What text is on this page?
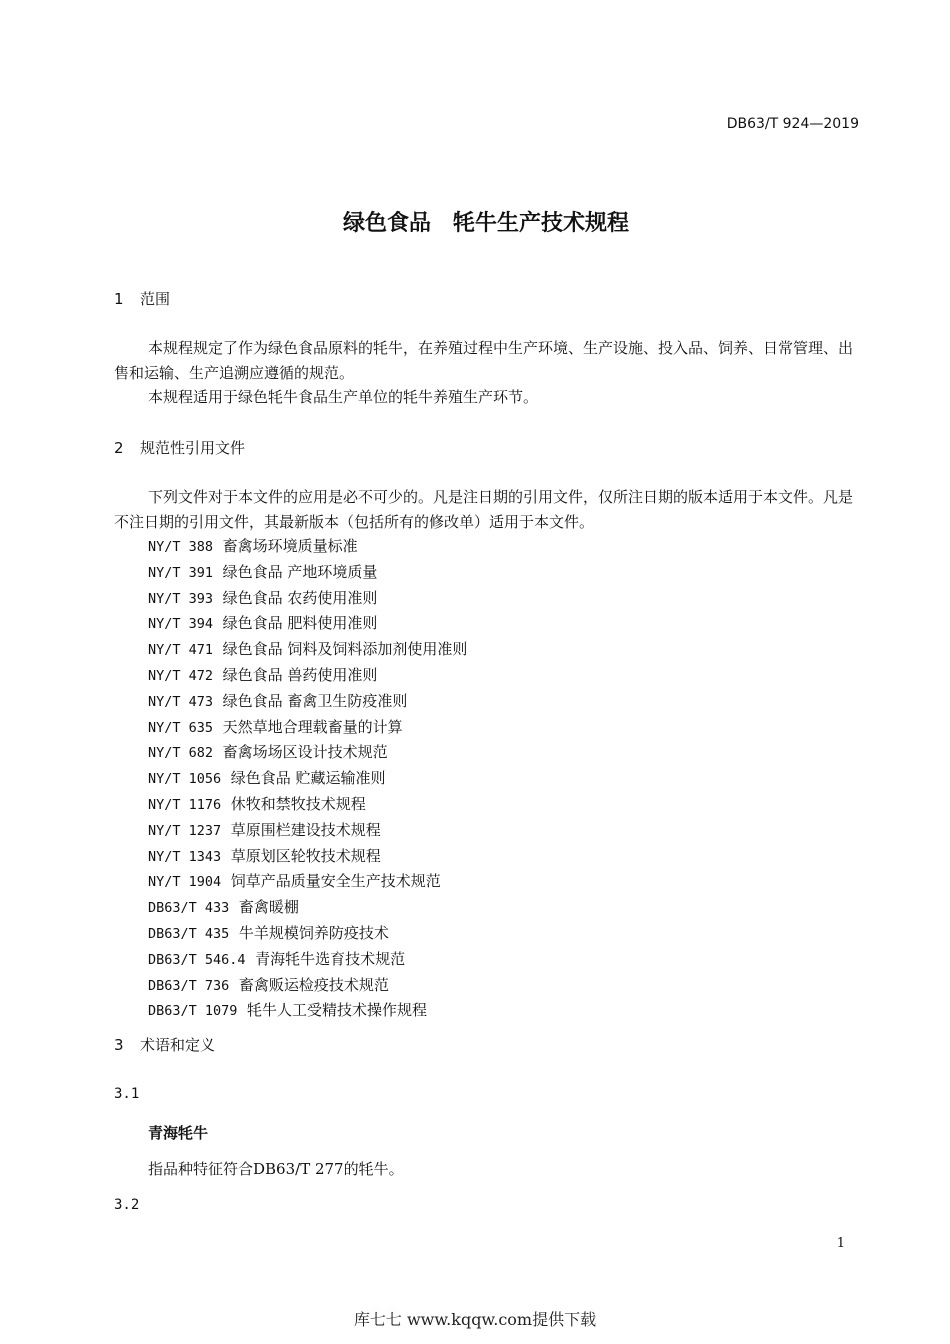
DB63/T 924—2019
绿色食品　牦牛生产技术规程
1 范围
本规程规定了作为绿色食品原料的牦牛，在养殖过程中生产环境、生产设施、投入品、饲养、日常管理、出售和运输、生产追溯应遵循的规范。
本规程适用于绿色牦牛食品生产单位的牦牛养殖生产环节。
2 规范性引用文件
下列文件对于本文件的应用是必不可少的。凡是注日期的引用文件，仅所注日期的版本适用于本文件。凡是不注日期的引用文件，其最新版本（包括所有的修改单）适用于本文件。
NY/T 388 畜禽场环境质量标准
NY/T 391 绿色食品 产地环境质量
NY/T 393 绿色食品 农药使用准则
NY/T 394 绿色食品 肥料使用准则
NY/T 471 绿色食品 饲料及饲料添加剂使用准则
NY/T 472 绿色食品 兽药使用准则
NY/T 473 绿色食品 畜禽卫生防疫准则
NY/T 635 天然草地合理载畜量的计算
NY/T 682 畜禽场场区设计技术规范
NY/T 1056 绿色食品 贮藏运输准则
NY/T 1176 休牧和禁牧技术规程
NY/T 1237 草原围栏建设技术规程
NY/T 1343 草原划区轮牧技术规程
NY/T 1904 饲草产品质量安全生产技术规范
DB63/T 433 畜禽暖棚
DB63/T 435 牛羊规模饲养防疫技术
DB63/T 546.4 青海牦牛选育技术规范
DB63/T 736 畜禽贩运检疫技术规范
DB63/T 1079 牦牛人工受精技术操作规程
3 术语和定义
3.1
青海牦牛
指品种特征符合DB63/T 277的牦牛。
3.2
1
库七七 www.kqqw.com提供下载
